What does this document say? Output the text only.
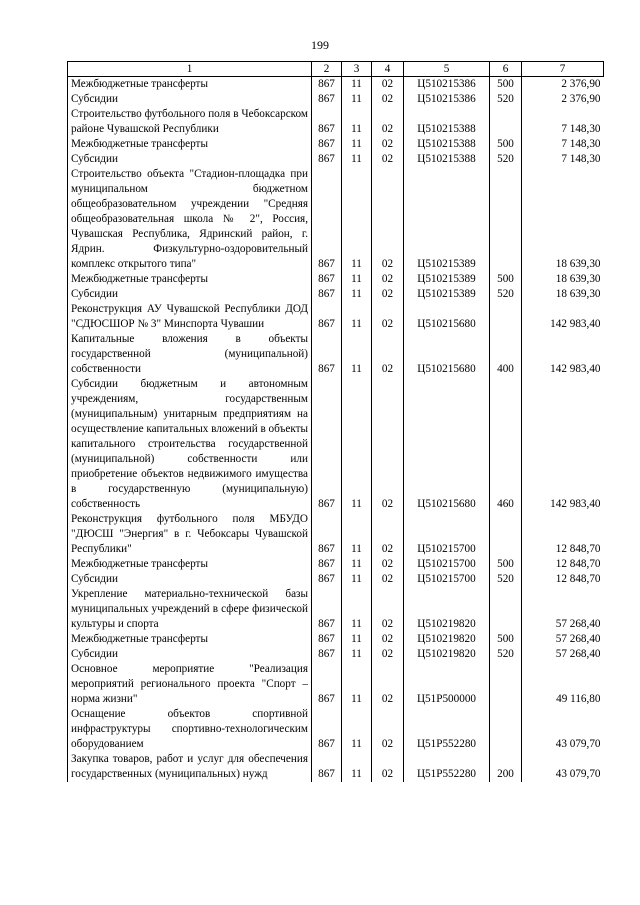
199
1	2	3	4	5	6	7
Межбюджетные трансферты	867	11	02	Ц510215386	500	2 376,90
Субсидии	867	11	02	Ц510215386	520	2 376,90
Строительство футбольного поля в Чебоксарском районе Чувашской Республики	867	11	02	Ц510215388		7 148,30
Межбюджетные трансферты	867	11	02	Ц510215388	500	7 148,30
Субсидии	867	11	02	Ц510215388	520	7 148,30
Строительство объекта "Стадион-площадка при муниципальном бюджетном общеобразовательном учреждении "Средняя общеобразовательная школа № 2", Россия, Чувашская Республика, Ядринский район, г. Ядрин. Физкультурно-оздоровительный комплекс открытого типа"	867	11	02	Ц510215389		18 639,30
Межбюджетные трансферты	867	11	02	Ц510215389	500	18 639,30
Субсидии	867	11	02	Ц510215389	520	18 639,30
Реконструкция АУ Чувашской Республики ДОД "СДЮСШОР № 3" Минспорта Чувашии	867	11	02	Ц510215680		142 983,40
Капитальные вложения в объекты государственной (муниципальной) собственности	867	11	02	Ц510215680	400	142 983,40
Субсидии бюджетным и автономным учреждениям, государственным (муниципальным) унитарным предприятиям на осуществление капитальных вложений в объекты капитального строительства государственной (муниципальной) собственности или приобретение объектов недвижимого имущества в государственную (муниципальную) собственность	867	11	02	Ц510215680	460	142 983,40
Реконструкция футбольного поля МБУДО "ДЮСШ "Энергия" в г. Чебоксары Чувашской Республики"	867	11	02	Ц510215700		12 848,70
Межбюджетные трансферты	867	11	02	Ц510215700	500	12 848,70
Субсидии	867	11	02	Ц510215700	520	12 848,70
Укрепление материально-технической базы муниципальных учреждений в сфере физической культуры и спорта	867	11	02	Ц510219820		57 268,40
Межбюджетные трансферты	867	11	02	Ц510219820	500	57 268,40
Субсидии	867	11	02	Ц510219820	520	57 268,40
Основное мероприятие "Реализация мероприятий регионального проекта "Спорт – норма жизни"	867	11	02	Ц51P500000		49 116,80
Оснащение объектов спортивной инфраструктуры спортивно-технологическим оборудованием	867	11	02	Ц51P552280		43 079,70
Закупка товаров, работ и услуг для обеспечения государственных (муниципальных) нужд	867	11	02	Ц51P552280	200	43 079,70
